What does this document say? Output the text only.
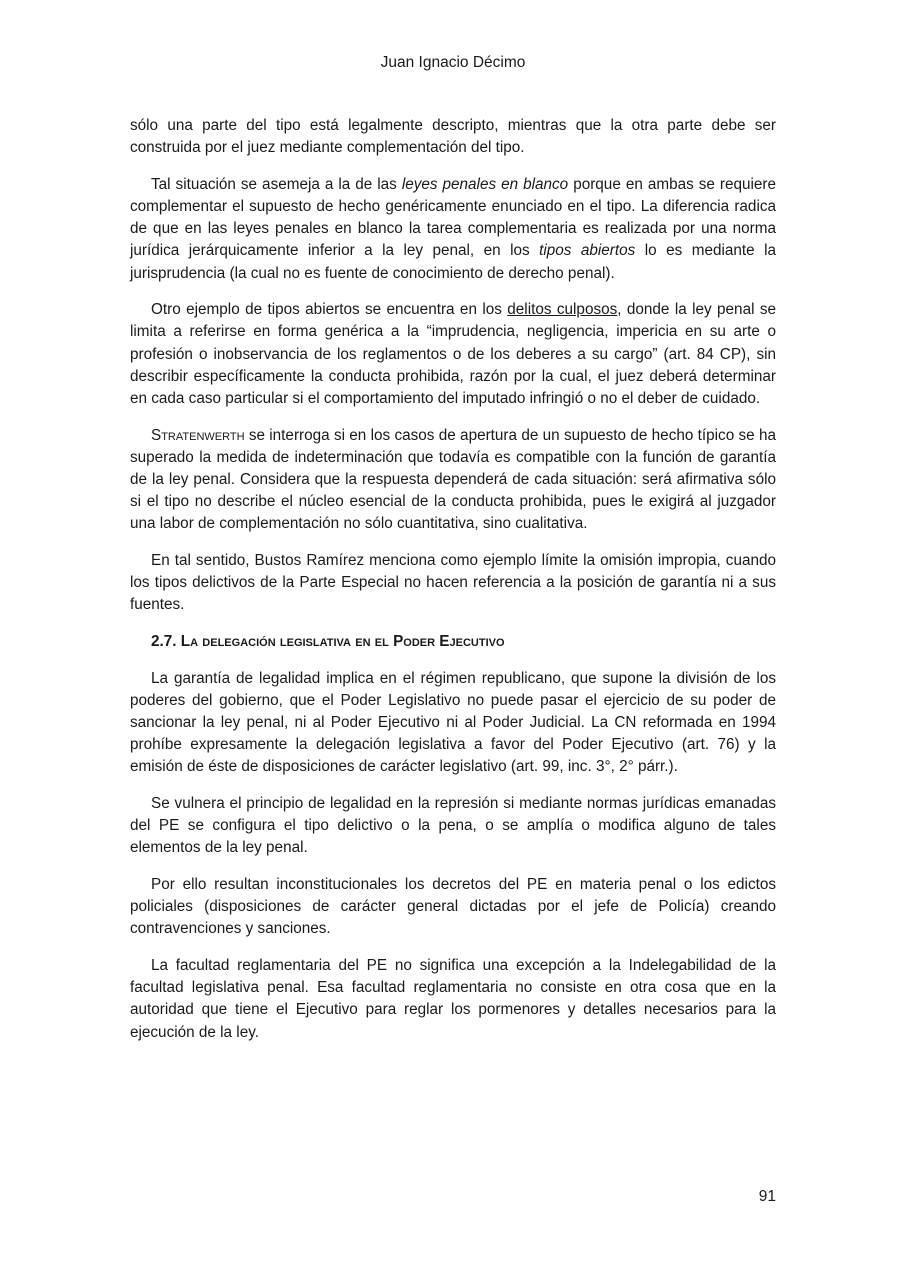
Juan Ignacio Décimo

sólo una parte del tipo está legalmente descripto, mientras que la otra parte debe ser construida por el juez mediante complementación del tipo.

Tal situación se asemeja a la de las leyes penales en blanco porque en ambas se requiere complementar el supuesto de hecho genéricamente enunciado en el tipo. La diferencia radica de que en las leyes penales en blanco la tarea complementaria es realizada por una norma jurídica jerárquicamente inferior a la ley penal, en los tipos abiertos lo es mediante la jurisprudencia (la cual no es fuente de conocimiento de derecho penal).

Otro ejemplo de tipos abiertos se encuentra en los delitos culposos, donde la ley penal se limita a referirse en forma genérica a la “imprudencia, negligencia, impericia en su arte o profesión o inobservancia de los reglamentos o de los deberes a su cargo” (art. 84 CP), sin describir específicamente la conducta prohibida, razón por la cual, el juez deberá determinar en cada caso particular si el comportamiento del imputado infringió o no el deber de cuidado.

Stratenwerth se interroga si en los casos de apertura de un supuesto de hecho típico se ha superado la medida de indeterminación que todavía es compatible con la función de garantía de la ley penal. Considera que la respuesta dependerá de cada situación: será afirmativa sólo si el tipo no describe el núcleo esencial de la conducta prohibida, pues le exigirá al juzgador una labor de complementación no sólo cuantitativa, sino cualitativa.

En tal sentido, Bustos Ramírez menciona como ejemplo límite la omisión impropia, cuando los tipos delictivos de la Parte Especial no hacen referencia a la posición de garantía ni a sus fuentes.

2.7. La delegación legislativa en el Poder Ejecutivo

La garantía de legalidad implica en el régimen republicano, que supone la división de los poderes del gobierno, que el Poder Legislativo no puede pasar el ejercicio de su poder de sancionar la ley penal, ni al Poder Ejecutivo ni al Poder Judicial. La CN reformada en 1994 prohíbe expresamente la delegación legislativa a favor del Poder Ejecutivo (art. 76) y la emisión de éste de disposiciones de carácter legislativo (art. 99, inc. 3°, 2° párr.).

Se vulnera el principio de legalidad en la represión si mediante normas jurídicas emanadas del PE se configura el tipo delictivo o la pena, o se amplía o modifica alguno de tales elementos de la ley penal.

Por ello resultan inconstitucionales los decretos del PE en materia penal o los edictos policiales (disposiciones de carácter general dictadas por el jefe de Policía) creando contravenciones y sanciones.

La facultad reglamentaria del PE no significa una excepción a la Indelegabilidad de la facultad legislativa penal. Esa facultad reglamentaria no consiste en otra cosa que en la autoridad que tiene el Ejecutivo para reglar los pormenores y detalles necesarios para la ejecución de la ley.

91
